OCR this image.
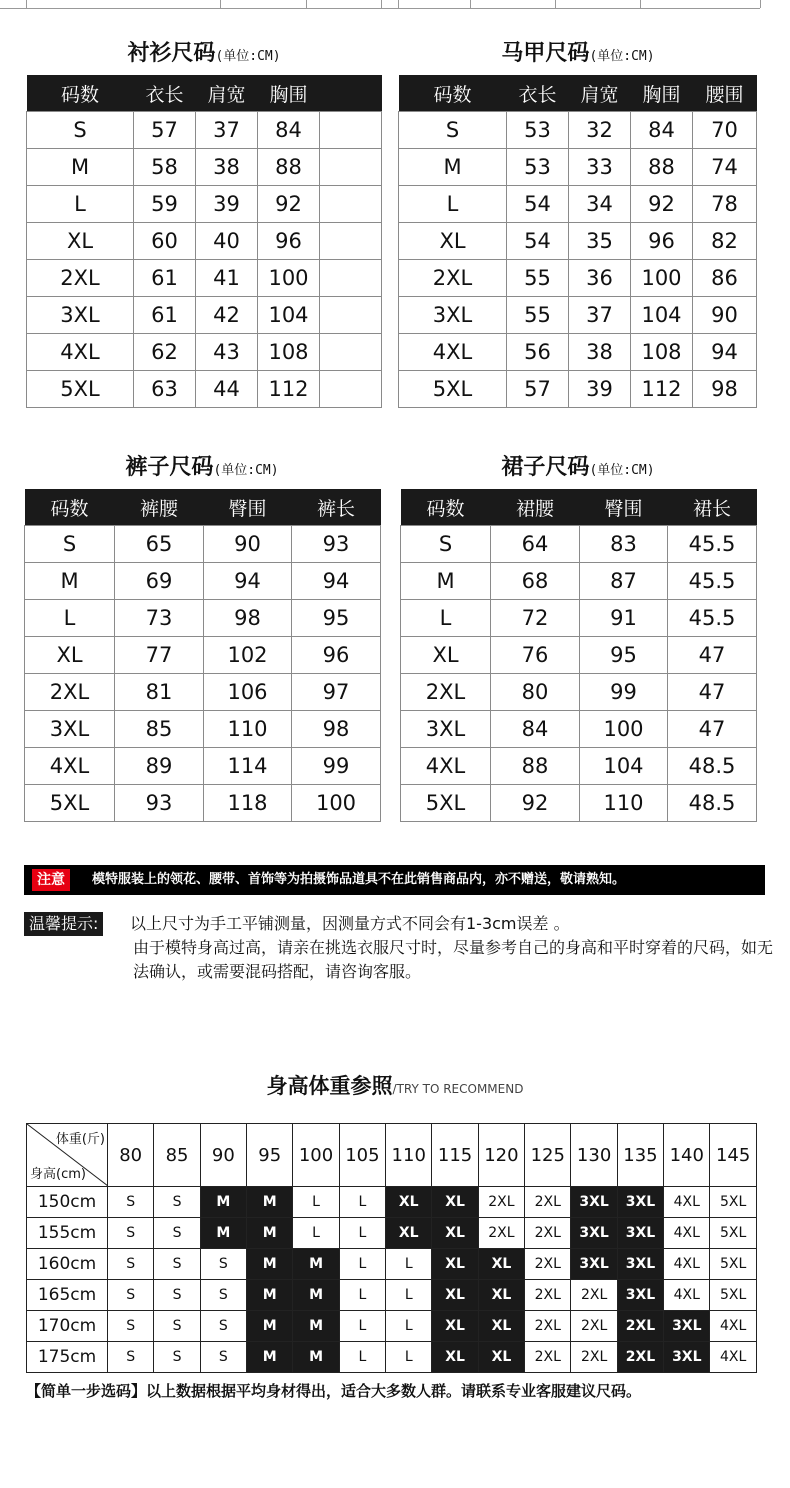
衬衫尺码(单位:CM)
码数	衣长	肩宽	胸围	
S	57	37	84	
M	58	38	88	
L	59	39	92	
XL	60	40	96	
2XL	61	41	100	
3XL	61	42	104	
4XL	62	43	108	
5XL	63	44	112	
马甲尺码(单位:CM)
码数	衣长	肩宽	胸围	腰围
S	53	32	84	70
M	53	33	88	74
L	54	34	92	78
XL	54	35	96	82
2XL	55	36	100	86
3XL	55	37	104	90
4XL	56	38	108	94
5XL	57	39	112	98
裤子尺码(单位:CM)
码数	裤腰	臀围	裤长
S	65	90	93
M	69	94	94
L	73	98	95
XL	77	102	96
2XL	81	106	97
3XL	85	110	98
4XL	89	114	99
5XL	93	118	100
裙子尺码(单位:CM)
码数	裙腰	臀围	裙长
S	64	83	45.5
M	68	87	45.5
L	72	91	45.5
XL	76	95	47
2XL	80	99	47
3XL	84	100	47
4XL	88	104	48.5
5XL	92	110	48.5
注意	模特服装上的领花、腰带、首饰等为拍摄饰品道具不在此销售商品内，亦不赠送，敬请熟知。
温馨提示:	以上尺寸为手工平铺测量，因测量方式不同会有1-3cm误差 。
由于模特身高过高，请亲在挑选衣服尺寸时，尽量参考自己的身高和平时穿着的尺码，如无法确认，或需要混码搭配，请咨询客服。
身高体重参照/TRY TO RECOMMEND
体重(斤)
身高(cm)	80	85	90	95	100	105	110	115	120	125	130	135	140	145
150cm	S	S	M	M	L	L	XL	XL	2XL	2XL	3XL	3XL	4XL	5XL
155cm	S	S	M	M	L	L	XL	XL	2XL	2XL	3XL	3XL	4XL	5XL
160cm	S	S	S	M	M	L	L	XL	XL	2XL	3XL	3XL	4XL	5XL
165cm	S	S	S	M	M	L	L	XL	XL	2XL	2XL	3XL	4XL	5XL
170cm	S	S	S	M	M	L	L	XL	XL	2XL	2XL	2XL	3XL	4XL
175cm	S	S	S	M	M	L	L	XL	XL	2XL	2XL	2XL	3XL	4XL
【简单一步选码】以上数据根据平均身材得出，适合大多数人群。请联系专业客服建议尺码。
